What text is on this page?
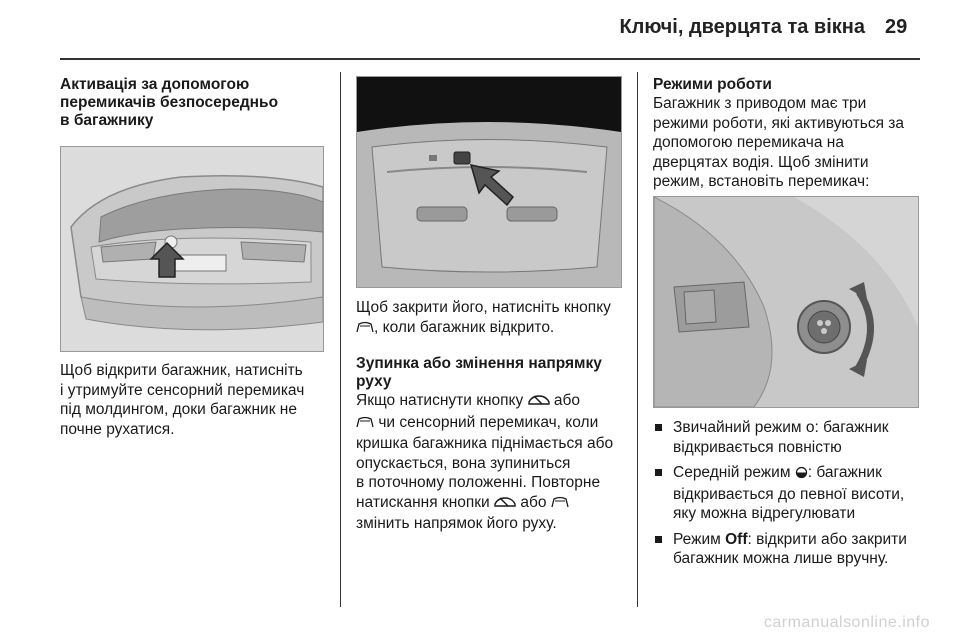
Ключі, дверцята та вікна 29
Активація за допомогою
перемикачів безпосередньо
в багажнику

Щоб відкрити багажник, натисніть
і утримуйте сенсорний перемикач
під молдингом, доки багажник не
почне рухатися.

Щоб закрити його, натисніть кнопку
, коли багажник відкрито.

Зупинка або змінення напрямку
руху

Якщо натиснути кнопку або
чи сенсорний перемикач, коли
кришка багажника піднімається або
опускається, вона зупиниться
в поточному положенні. Повторне
натискання кнопки або
змінить напрямок його руху.

Режими роботи

Багажник з приводом має три
режими роботи, які активуються за
допомогою перемикача на
дверцятах водія. Щоб змінити
режим, встановіть перемикач:

Звичайний режим o: багажник
відкривається повністю
Середній режим : багажник
відкривається до певної висоти,
яку можна відрегулювати
Режим Off: відкрити або закрити
багажник можна лише вручну.
carmanualsonline.info
